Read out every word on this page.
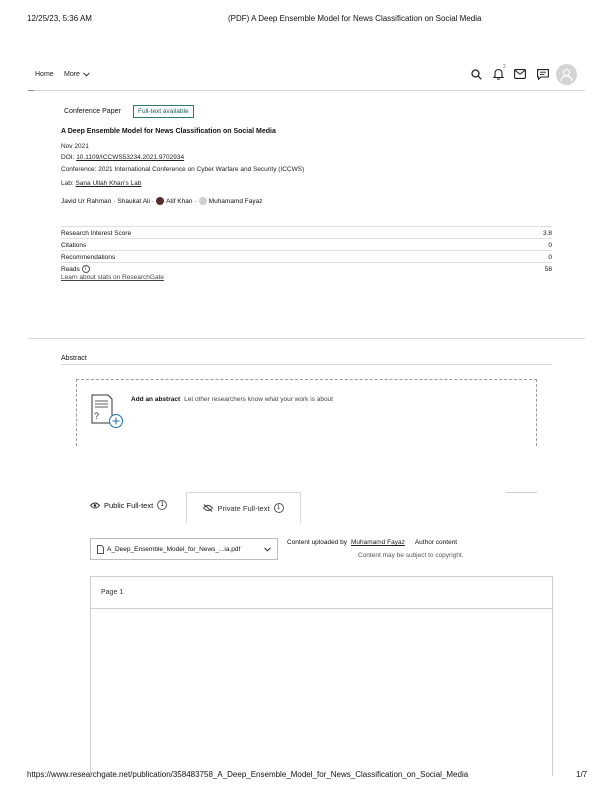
12/25/23, 5:36 AM	(PDF) A Deep Ensemble Model for News Classification on Social Media
https://www.researchgate.net/publication/358483758_A_Deep_Ensemble_Model_for_News_Classification_on_Social_Media	1/7
Home More
2
Conference Paper	Full-text available
A Deep Ensemble Model for News Classification on Social Media
Nov 2021
DOI: 10.1109/ICCWS53234.2021.9702934
Conference: 2021 International Conference on Cyber Warfare and Security (ICCWS)
Lab: Sana Ullah Khan's Lab
Javid Ur Rahman · Shaukat Ali · Atif Khan · Muhamamd Fayaz
Research Interest Score	3.8
Citations	0
Recommendations	0
Reads	i	58
Learn about stats on ResearchGate
Abstract
?
Add an abstract Let other researchers know what your work is about
Public Full-text	1	Private Full-text	1
A_Deep_Ensemble_Model_for_News_...ia.pdf
Content uploaded by Muhamamd Fayaz Author content
Content may be subject to copyright.
Page 1
